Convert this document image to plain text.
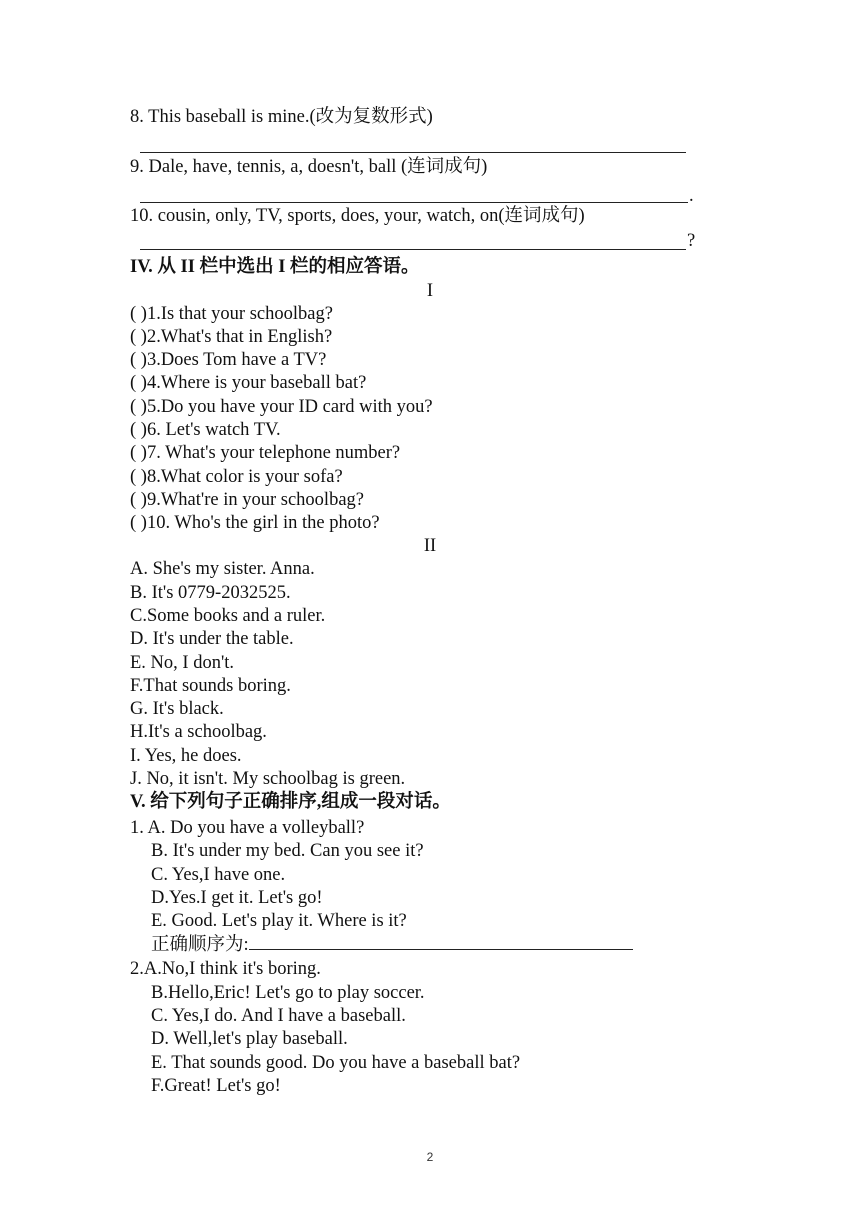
8. This baseball is mine.(改为复数形式)
9. Dale, have, tennis, a, doesn't, ball (连词成句)
.
10. cousin, only, TV, sports, does, your, watch, on(连词成句)
?
IV. 从 II 栏中选出 I 栏的相应答语。
I
( )1.Is that your schoolbag?
( )2.What's that in English?
( )3.Does Tom have a TV?
( )4.Where is your baseball bat?
( )5.Do you have your ID card with you?
( )6. Let's watch TV.
( )7. What's your telephone number?
( )8.What color is your sofa?
( )9.What're in your schoolbag?
( )10. Who's the girl in the photo?
II
A. She's my sister. Anna.
B. It's 0779-2032525.
C.Some books and a ruler.
D. It's under the table.
E. No, I don't.
F.That sounds boring.
G. It's black.
H.It's a schoolbag.
I. Yes, he does.
J. No, it isn't. My schoolbag is green.
V. 给下列句子正确排序,组成一段对话。
1. A. Do you have a volleyball?
B. It's under my bed. Can you see it?
C. Yes,I have one.
D.Yes.I get it. Let's go!
E. Good. Let's play it. Where is it?
正确顺序为:
2.A.No,I think it's boring.
B.Hello,Eric! Let's go to play soccer.
C. Yes,I do. And I have a baseball.
D. Well,let's play baseball.
E. That sounds good. Do you have a baseball bat?
F.Great! Let's go!
2
